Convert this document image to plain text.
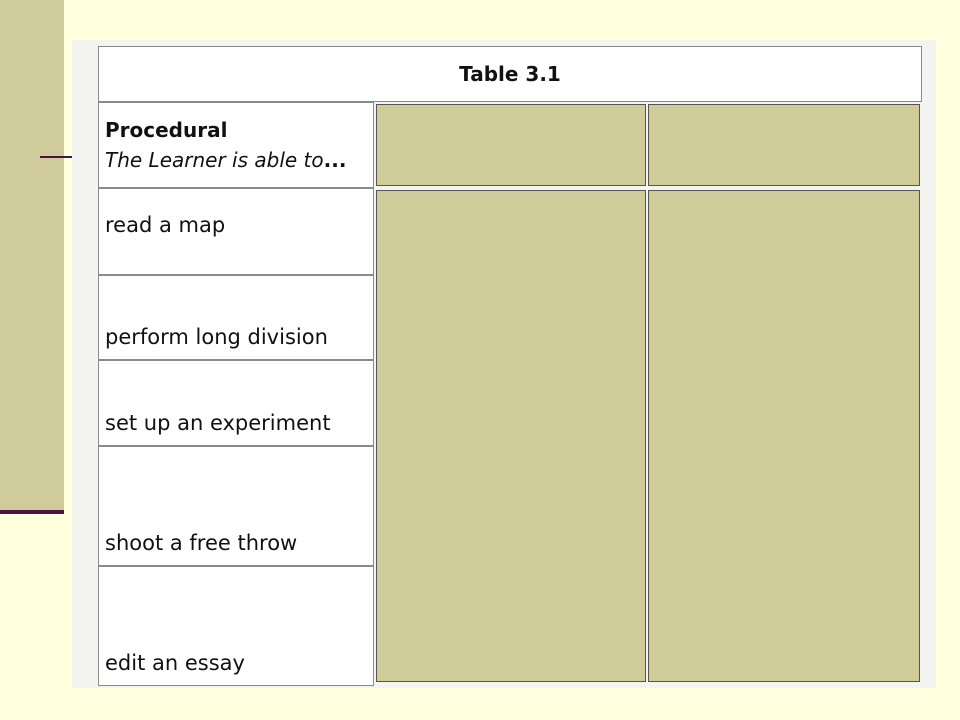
Table 3.1
Procedural
The Learner is able to...
read a map
perform long division
set up an experiment
shoot a free throw
edit an essay
